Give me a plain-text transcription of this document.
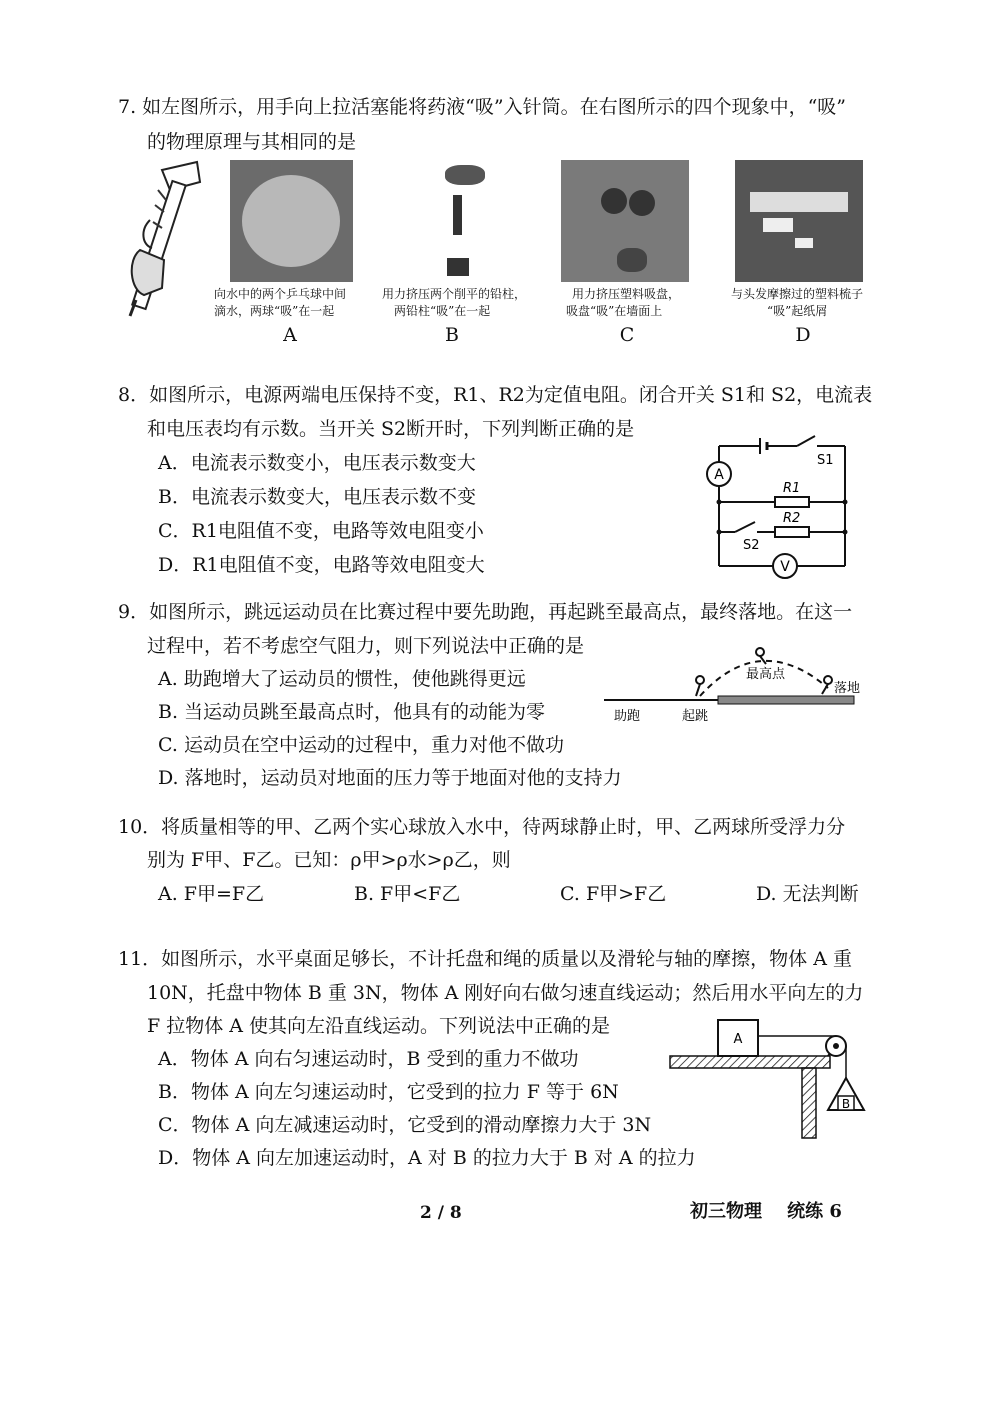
7. 如左图所示，用手向上拉活塞能将药液“吸”入针筒。在右图所示的四个现象中，“吸”
的物理原理与其相同的是
向水中的两个乒乓球中间
滴水，两球“吸”在一起
A
用力挤压两个削平的铅柱，
两铅柱“吸”在一起
B
用力挤压塑料吸盘，
吸盘“吸”在墙面上
C
与头发摩擦过的塑料梳子
“吸”起纸屑
D
8．如图所示，电源两端电压保持不变，R1、R2为定值电阻。闭合开关 S1和 S2，电流表
和电压表均有示数。当开关 S2断开时，下列判断正确的是
A．电流表示数变小，电压表示数变大
B．电流表示数变大，电压表示数不变
C．R1电阻值不变，电路等效电阻变小
D．R1电阻值不变，电路等效电阻变大
A
V
S1
S2
R1
R2
9．如图所示，跳远运动员在比赛过程中要先助跑，再起跳至最高点，最终落地。在这一
过程中，若不考虑空气阻力，则下列说法中正确的是
A. 助跑增大了运动员的惯性，使他跳得更远
B. 当运动员跳至最高点时，他具有的动能为零
C. 运动员在空中运动的过程中，重力对他不做功
D. 落地时，运动员对地面的压力等于地面对他的支持力
助跑	起跳
最高点
落地
10．将质量相等的甲、乙两个实心球放入水中，待两球静止时，甲、乙两球所受浮力分
别为 F甲、F乙。已知：ρ甲>ρ水>ρ乙，则
A. F甲=F乙	B. F甲<F乙	C. F甲>F乙	D. 无法判断
11．如图所示，水平桌面足够长，不计托盘和绳的质量以及滑轮与轴的摩擦，物体 A 重
10N，托盘中物体 B 重 3N，物体 A 刚好向右做匀速直线运动；然后用水平向左的力
F 拉物体 A 使其向左沿直线运动。下列说法中正确的是
A．物体 A 向右匀速运动时，B 受到的重力不做功
B．物体 A 向左匀速运动时，它受到的拉力 F 等于 6N
C．物体 A 向左减速运动时，它受到的滑动摩擦力大于 3N
D．物体 A 向左加速运动时，A 对 B 的拉力大于 B 对 A 的拉力
A
B
2 / 8	初三物理    统练 6
